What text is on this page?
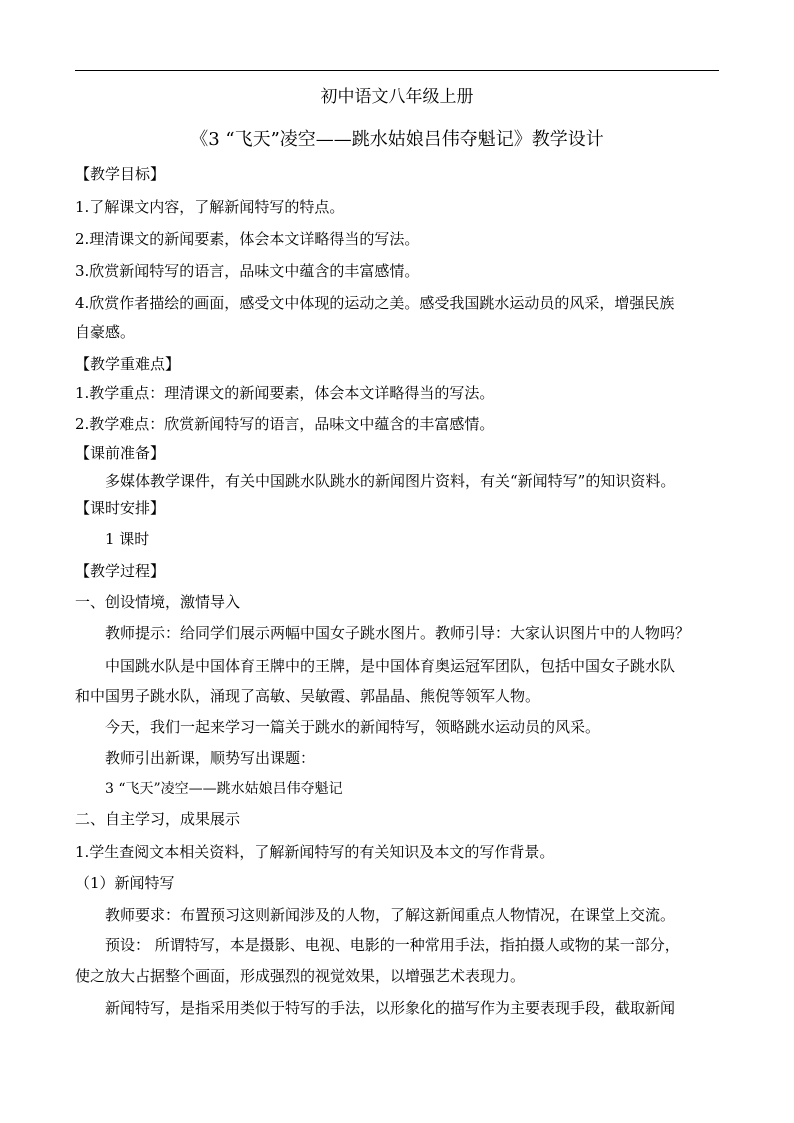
初中语文八年级上册
《3 “飞天”凌空——跳水姑娘吕伟夺魁记》教学设计
【教学目标】
1.了解课文内容，了解新闻特写的特点。
2.理清课文的新闻要素，体会本文详略得当的写法。
3.欣赏新闻特写的语言，品味文中蕴含的丰富感情。
4.欣赏作者描绘的画面，感受文中体现的运动之美。感受我国跳水运动员的风采，增强民族
自豪感。
【教学重难点】
1.教学重点：理清课文的新闻要素，体会本文详略得当的写法。
2.教学难点：欣赏新闻特写的语言，品味文中蕴含的丰富感情。
【课前准备】
多媒体教学课件，有关中国跳水队跳水的新闻图片资料，有关“新闻特写”的知识资料。
【课时安排】
1 课时
【教学过程】
一、创设情境，激情导入
教师提示：给同学们展示两幅中国女子跳水图片。教师引导：大家认识图片中的人物吗？
中国跳水队是中国体育王牌中的王牌，是中国体育奥运冠军团队，包括中国女子跳水队
和中国男子跳水队，涌现了高敏、吴敏霞、郭晶晶、熊倪等领军人物。
今天，我们一起来学习一篇关于跳水的新闻特写，领略跳水运动员的风采。
教师引出新课，顺势写出课题：
3 “飞天”凌空——跳水姑娘吕伟夺魁记
二、自主学习，成果展示
1.学生查阅文本相关资料，了解新闻特写的有关知识及本文的写作背景。
（1）新闻特写
教师要求：布置预习这则新闻涉及的人物，了解这新闻重点人物情况，在课堂上交流。
预设： 所谓特写，本是摄影、电视、电影的一种常用手法，指拍摄人或物的某一部分，
使之放大占据整个画面，形成强烈的视觉效果，以增强艺术表现力。
新闻特写，是指采用类似于特写的手法，以形象化的描写作为主要表现手段，截取新闻
